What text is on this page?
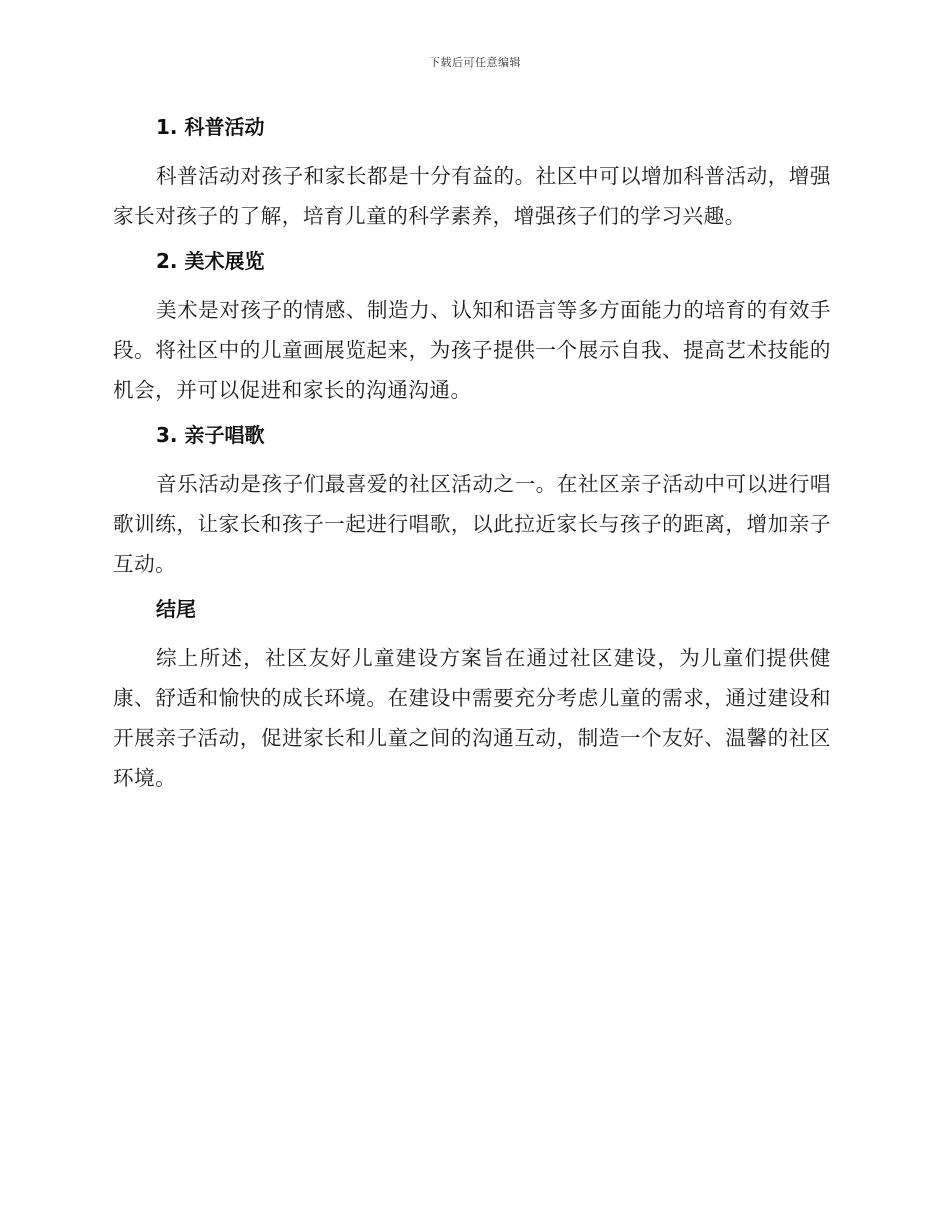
下载后可任意编辑
1. 科普活动

科普活动对孩子和家长都是十分有益的。社区中可以增加科普活动，增强家长对孩子的了解，培育儿童的科学素养，增强孩子们的学习兴趣。

2. 美术展览

美术是对孩子的情感、制造力、认知和语言等多方面能力的培育的有效手段。将社区中的儿童画展览起来，为孩子提供一个展示自我、提高艺术技能的机会，并可以促进和家长的沟通沟通。

3. 亲子唱歌

音乐活动是孩子们最喜爱的社区活动之一。在社区亲子活动中可以进行唱歌训练，让家长和孩子一起进行唱歌，以此拉近家长与孩子的距离，增加亲子互动。

结尾

综上所述，社区友好儿童建设方案旨在通过社区建设，为儿童们提供健康、舒适和愉快的成长环境。在建设中需要充分考虑儿童的需求，通过建设和开展亲子活动，促进家长和儿童之间的沟通互动，制造一个友好、温馨的社区环境。
